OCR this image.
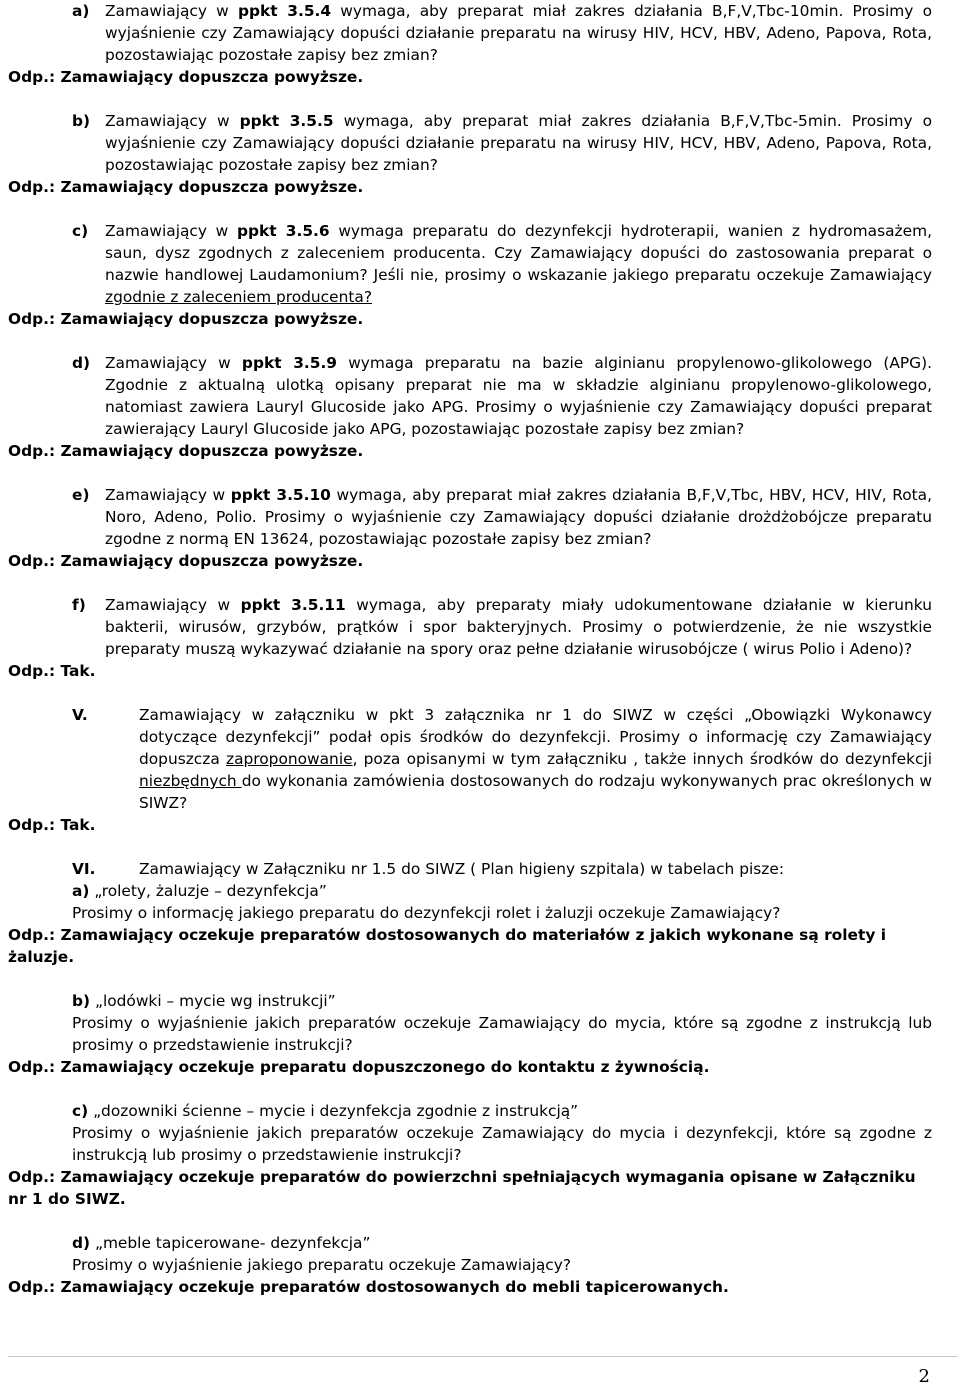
a) Zamawiający w ppkt 3.5.4 wymaga, aby preparat miał zakres działania B,F,V,Tbc-10min. Prosimy o wyjaśnienie czy Zamawiający dopuści działanie preparatu na wirusy HIV, HCV, HBV, Adeno, Papova, Rota, pozostawiając pozostałe zapisy bez zmian?
Odp.: Zamawiający dopuszcza powyższe.
b) Zamawiający w ppkt 3.5.5 wymaga, aby preparat miał zakres działania B,F,V,Tbc-5min. Prosimy o wyjaśnienie czy Zamawiający dopuści działanie preparatu na wirusy HIV, HCV, HBV, Adeno, Papova, Rota, pozostawiając pozostałe zapisy bez zmian?
Odp.: Zamawiający dopuszcza powyższe.
c) Zamawiający w ppkt 3.5.6 wymaga preparatu do dezynfekcji hydroterapii, wanien z hydromasażem, saun, dysz zgodnych z zaleceniem producenta. Czy Zamawiający dopuści do zastosowania preparat o nazwie handlowej Laudamonium? Jeśli nie, prosimy o wskazanie jakiego preparatu oczekuje Zamawiający zgodnie z zaleceniem producenta?
Odp.: Zamawiający dopuszcza powyższe.
d) Zamawiający w ppkt 3.5.9 wymaga preparatu na bazie alginianu propylenowo-glikolowego (APG). Zgodnie z aktualną ulotką opisany preparat nie ma w składzie alginianu propylenowo-glikolowego, natomiast zawiera Lauryl Glucoside jako APG. Prosimy o wyjaśnienie czy Zamawiający dopuści preparat zawierający Lauryl Glucoside jako APG, pozostawiając pozostałe zapisy bez zmian?
Odp.: Zamawiający dopuszcza powyższe.
e) Zamawiający w ppkt 3.5.10 wymaga, aby preparat miał zakres działania B,F,V,Tbc, HBV, HCV, HIV, Rota, Noro, Adeno, Polio. Prosimy o wyjaśnienie czy Zamawiający dopuści działanie drożdżobójcze preparatu zgodne z normą EN 13624, pozostawiając pozostałe zapisy bez zmian?
Odp.: Zamawiający dopuszcza powyższe.
f) Zamawiający w ppkt 3.5.11 wymaga, aby preparaty miały udokumentowane działanie w kierunku bakterii, wirusów, grzybów, prątków i spor bakteryjnych. Prosimy o potwierdzenie, że nie wszystkie preparaty muszą wykazywać działanie na spory oraz pełne działanie wirusobójcze ( wirus Polio i Adeno)?
Odp.: Tak.
V.	Zamawiający w załączniku w pkt 3 załącznika nr 1 do SIWZ w części „Obowiązki Wykonawcy dotyczące dezynfekcji” podał opis środków do dezynfekcji. Prosimy o informację czy Zamawiający dopuszcza zaproponowanie, poza opisanymi w tym załączniku , także innych środków do dezynfekcji niezbędnych do wykonania zamówienia dostosowanych do rodzaju wykonywanych prac określonych w SIWZ?
Odp.: Tak.
VI.	Zamawiający w Załączniku nr 1.5 do SIWZ ( Plan higieny szpitala) w tabelach pisze:
a) „rolety, żaluzje – dezynfekcja”
Prosimy o informację jakiego preparatu do dezynfekcji rolet i żaluzji oczekuje Zamawiający?
Odp.: Zamawiający oczekuje preparatów dostosowanych do materiałów z jakich wykonane są rolety i żaluzje.
b) „lodówki – mycie wg instrukcji”
Prosimy o wyjaśnienie jakich preparatów oczekuje Zamawiający do mycia, które są zgodne z instrukcją lub prosimy o przedstawienie instrukcji?
Odp.: Zamawiający oczekuje preparatu dopuszczonego do kontaktu z żywnością.
c) „dozowniki ścienne – mycie i dezynfekcja zgodnie z instrukcją”
Prosimy o wyjaśnienie jakich preparatów oczekuje Zamawiający do mycia i dezynfekcji, które są zgodne z instrukcją lub prosimy o przedstawienie instrukcji?
Odp.: Zamawiający oczekuje preparatów do powierzchni spełniających wymagania opisane w Załączniku nr 1 do SIWZ.
d) „meble tapicerowane- dezynfekcja”
Prosimy o wyjaśnienie jakiego preparatu oczekuje Zamawiający?
Odp.: Zamawiający oczekuje preparatów dostosowanych do mebli tapicerowanych.
2
